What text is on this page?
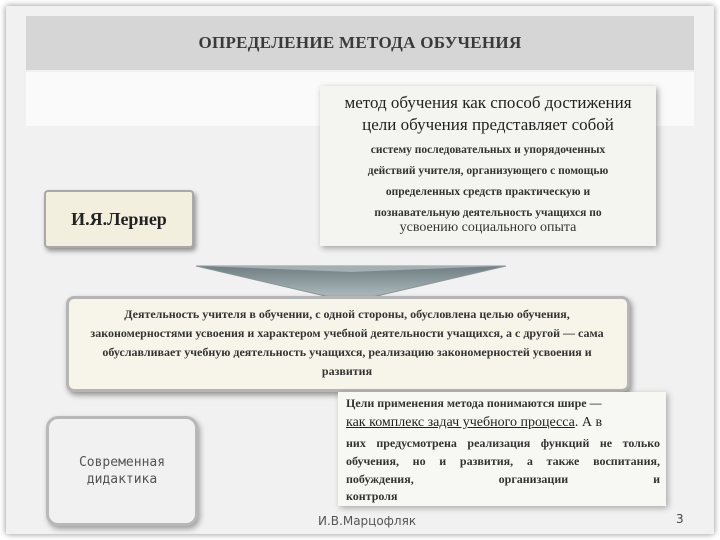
ОПРЕДЕЛЕНИЕ МЕТОДА ОБУЧЕНИЯ
метод обучения как способ достижения
цели обучения представляет собой
систему последовательных и упорядоченных
действий учителя, организующего с помощью
определенных средств практическую и
познавательную деятельность учащихся по
усвоению социального опыта
И.Я.Лернер
Деятельность учителя в обучении, с одной стороны, обусловлена целью обучения, закономерностями усвоения и характером учебной деятельности учащихся, а с другой — сама обуславливает учебную деятельность учащихся, реализацию закономерностей усвоения и развития
Современная
дидактика
Цели применения метода понимаются шире —
как комплекс задач учебного процесса. А в
них предусмотрена реализация функций не только обучения, но и развития, а также воспитания, побуждения, организации и
контроля
И.В.Марцофляк	3
